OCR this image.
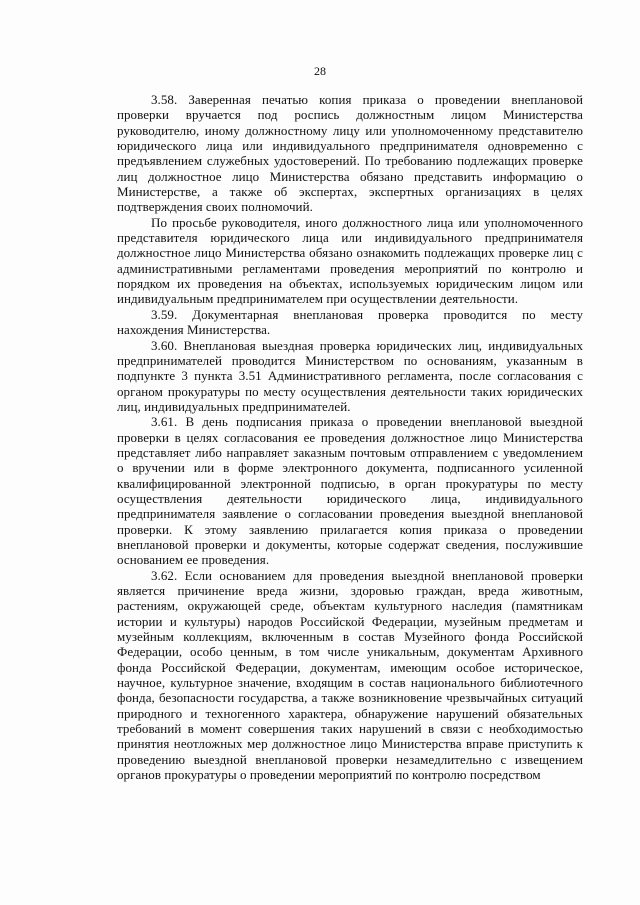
28

3.58. Заверенная печатью копия приказа о проведении внеплановой проверки вручается под роспись должностным лицом Министерства руководителю, иному должностному лицу или уполномоченному представителю юридического лица или индивидуального предпринимателя одновременно с предъявлением служебных удостоверений. По требованию подлежащих проверке лиц должностное лицо Министерства обязано представить информацию о Министерстве, а также об экспертах, экспертных организациях в целях подтверждения своих полномочий.

По просьбе руководителя, иного должностного лица или уполномоченного представителя юридического лица или индивидуального предпринимателя должностное лицо Министерства обязано ознакомить подлежащих проверке лиц с административными регламентами проведения мероприятий по контролю и порядком их проведения на объектах, используемых юридическим лицом или индивидуальным предпринимателем при осуществлении деятельности.

3.59. Документарная внеплановая проверка проводится по месту нахождения Министерства.

3.60. Внеплановая выездная проверка юридических лиц, индивидуальных предпринимателей проводится Министерством по основаниям, указанным в подпункте 3 пункта 3.51 Административного регламента, после согласования с органом прокуратуры по месту осуществления деятельности таких юридических лиц, индивидуальных предпринимателей.

3.61. В день подписания приказа о проведении внеплановой выездной проверки в целях согласования ее проведения должностное лицо Министерства представляет либо направляет заказным почтовым отправлением с уведомлением о вручении или в форме электронного документа, подписанного усиленной квалифицированной электронной подписью, в орган прокуратуры по месту осуществления деятельности юридического лица, индивидуального предпринимателя заявление о согласовании проведения выездной внеплановой проверки. К этому заявлению прилагается копия приказа о проведении внеплановой проверки и документы, которые содержат сведения, послужившие основанием ее проведения.

3.62. Если основанием для проведения выездной внеплановой проверки является причинение вреда жизни, здоровью граждан, вреда животным, растениям, окружающей среде, объектам культурного наследия (памятникам истории и культуры) народов Российской Федерации, музейным предметам и музейным коллекциям, включенным в состав Музейного фонда Российской Федерации, особо ценным, в том числе уникальным, документам Архивного фонда Российской Федерации, документам, имеющим особое историческое, научное, культурное значение, входящим в состав национального библиотечного фонда, безопасности государства, а также возникновение чрезвычайных ситуаций природного и техногенного характера, обнаружение нарушений обязательных требований в момент совершения таких нарушений в связи с необходимостью принятия неотложных мер должностное лицо Министерства вправе приступить к проведению выездной внеплановой проверки незамедлительно с извещением органов прокуратуры о проведении мероприятий по контролю посредством
